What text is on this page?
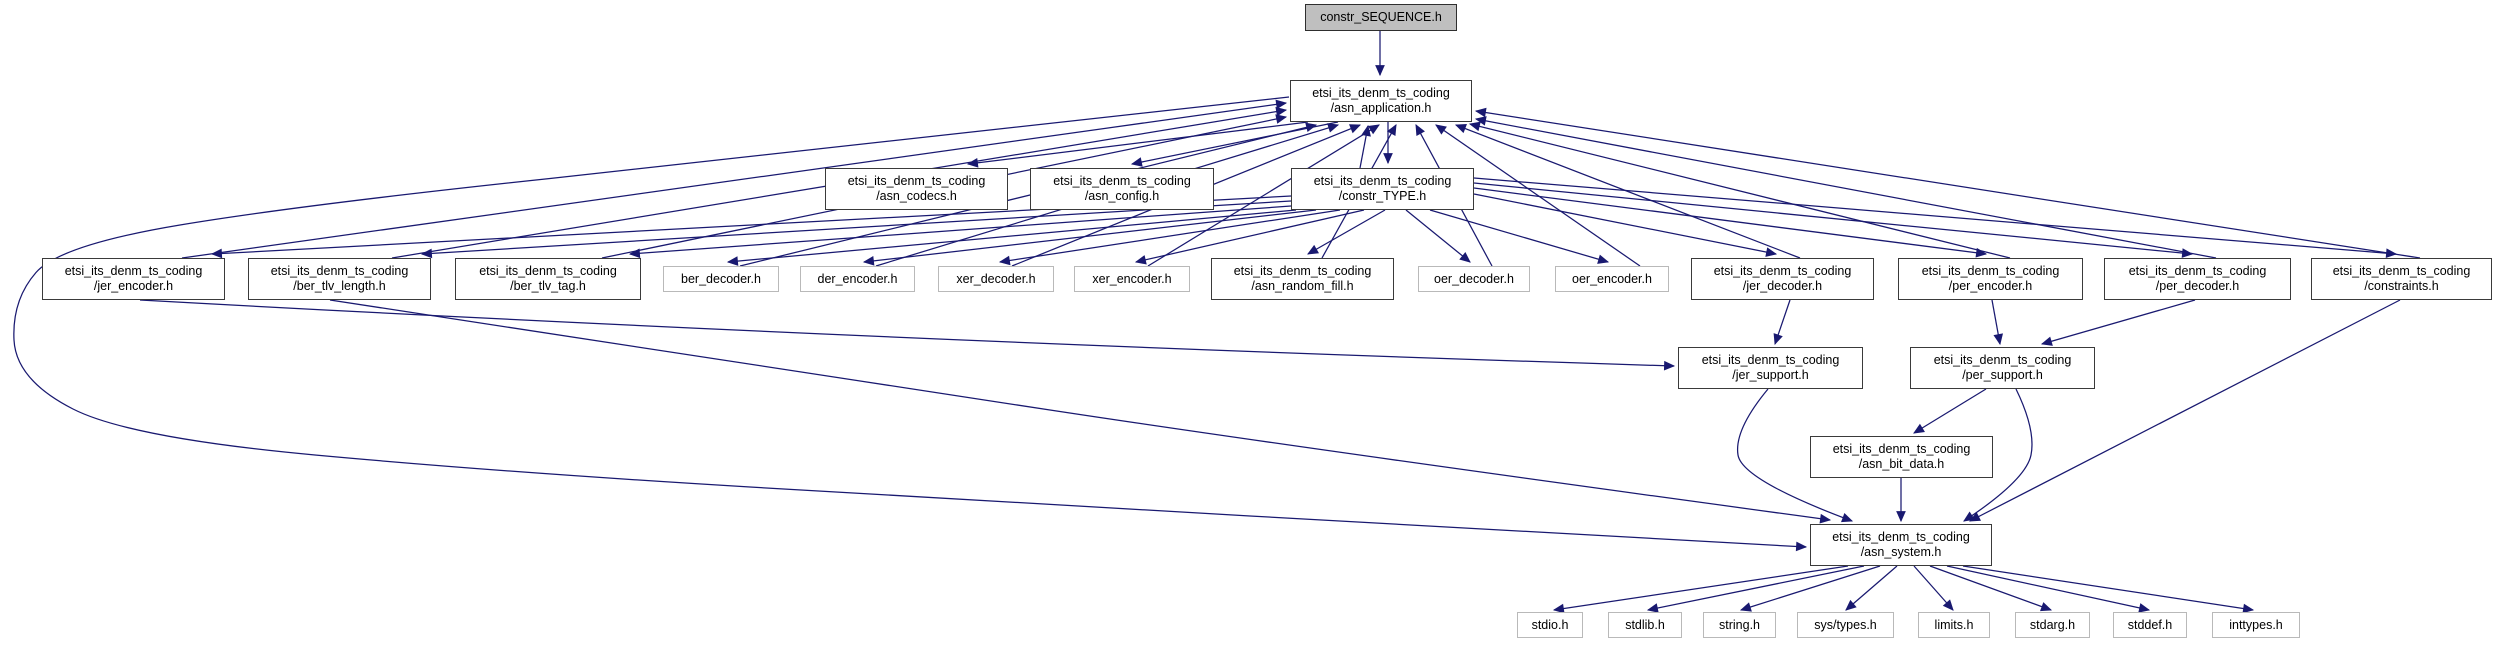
constr_SEQUENCE.h
etsi_its_denm_ts_coding
/asn_application.h
etsi_its_denm_ts_coding
/asn_codecs.h
etsi_its_denm_ts_coding
/asn_config.h
etsi_its_denm_ts_coding
/constr_TYPE.h
etsi_its_denm_ts_coding
/jer_encoder.h
etsi_its_denm_ts_coding
/ber_tlv_length.h
etsi_its_denm_ts_coding
/ber_tlv_tag.h
ber_decoder.h	der_encoder.h	xer_decoder.h	xer_encoder.h
etsi_its_denm_ts_coding
/asn_random_fill.h
oer_decoder.h	oer_encoder.h
etsi_its_denm_ts_coding
/jer_decoder.h
etsi_its_denm_ts_coding
/per_encoder.h
etsi_its_denm_ts_coding
/per_decoder.h
etsi_its_denm_ts_coding
/constraints.h
etsi_its_denm_ts_coding
/jer_support.h
etsi_its_denm_ts_coding
/per_support.h
etsi_its_denm_ts_coding
/asn_bit_data.h
etsi_its_denm_ts_coding
/asn_system.h
stdio.h	stdlib.h	string.h	sys/types.h	limits.h	stdarg.h	stddef.h	inttypes.h
